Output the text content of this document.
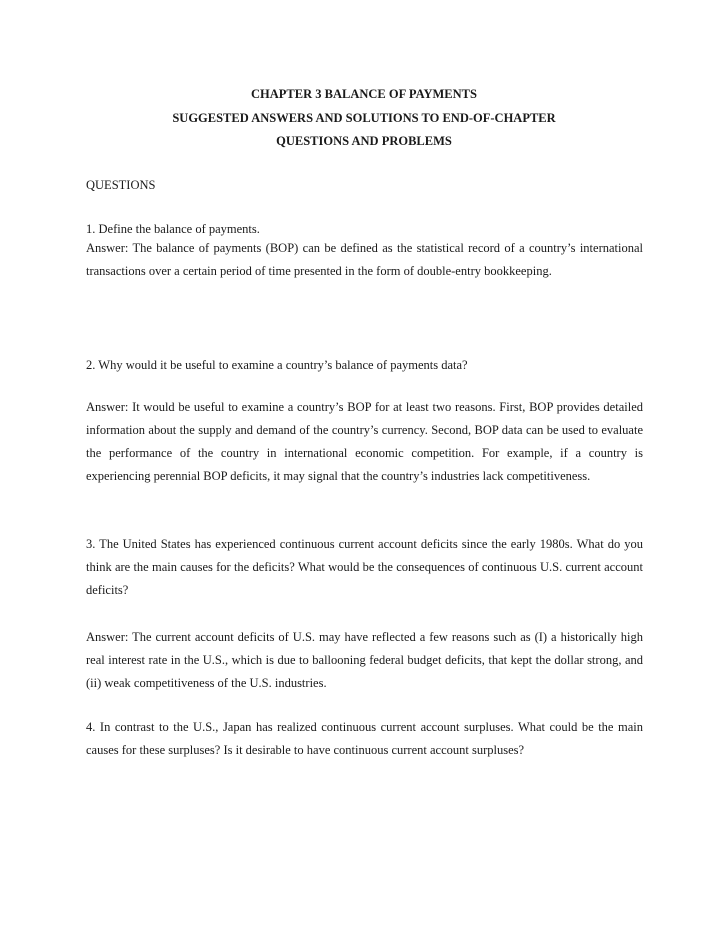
CHAPTER 3 BALANCE OF PAYMENTS

SUGGESTED ANSWERS AND SOLUTIONS TO END-OF-CHAPTER

QUESTIONS AND PROBLEMS

QUESTIONS

1. Define the balance of payments.

Answer: The balance of payments (BOP) can be defined as the statistical record of a country’s international transactions over a certain period of time presented in the form of double-entry bookkeeping.

2. Why would it be useful to examine a country’s balance of payments data?

Answer: It would be useful to examine a country’s BOP for at least two reasons. First, BOP provides detailed information about the supply and demand of the country’s currency. Second, BOP data can be used to evaluate the performance of the country in international economic competition. For example, if a country is experiencing perennial BOP deficits, it may signal that the country’s industries lack competitiveness.

3. The United States has experienced continuous current account deficits since the early 1980s. What do you think are the main causes for the deficits? What would be the consequences of continuous U.S. current account deficits?

Answer: The current account deficits of U.S. may have reflected a few reasons such as (I) a historically high real interest rate in the U.S., which is due to ballooning federal budget deficits, that kept the dollar strong, and (ii) weak competitiveness of the U.S. industries.

4. In contrast to the U.S., Japan has realized continuous current account surpluses. What could be the main causes for these surpluses? Is it desirable to have continuous current account surpluses?
